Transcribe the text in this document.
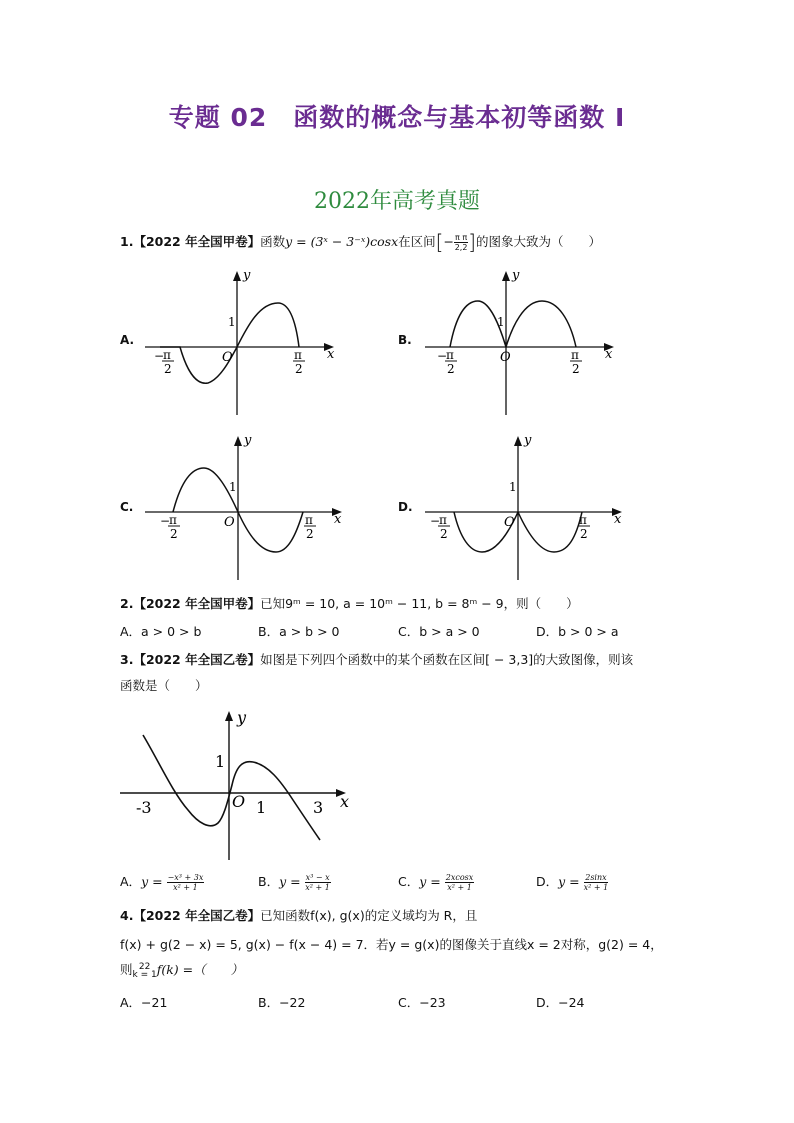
专题 02 函数的概念与基本初等函数 I
2022年高考真题
1.【2022 年全国甲卷】函数y = (3ˣ − 3⁻ˣ)cosx在区间[− $\frac{\text{π π}}{2,2}$ ]的图象大致为（　　）
A.
y
x
O
1
−
π
2
π
2
B.
y
x
O
1
−
π
2
π
2
C.
y
x
O
1
−
π
2
π
2
D.
y
x
O
1
−
π
2
π
2
2.【2022 年全国甲卷】已知9ᵐ = 10, a = 10ᵐ − 11, b = 8ᵐ − 9，则（　　）
A．a > 0 > b	B．a > b > 0	C．b > a > 0	D．b > 0 > a
3.【2022 年全国乙卷】如图是下列四个函数中的某个函数在区间[ − 3,3]的大致图像，则该
函数是（　　）
y
x
O
1
-3	1	3
A．$y = \frac{\text{−x³ + 3x}}{\text{x² + 1}}$	B．$y = \frac{\text{x³ − x}}{\text{x² + 1}}$	C．$y = \frac{2xcosx}{\text{x² + 1}}$	D．$y = \frac{2\sin x}{\text{x² + 1}}$
4.【2022 年全国乙卷】已知函数f(x), g(x)的定义域均为 R，且
f(x) + g(2 − x) = 5, g(x) − f(x − 4) = 7．若y = g(x)的图像关于直线x = 2对称，g(2) = 4，
则 22
k = 1 f(k) =（　　）
A．−21	B．−22	C．−23	D．−24
